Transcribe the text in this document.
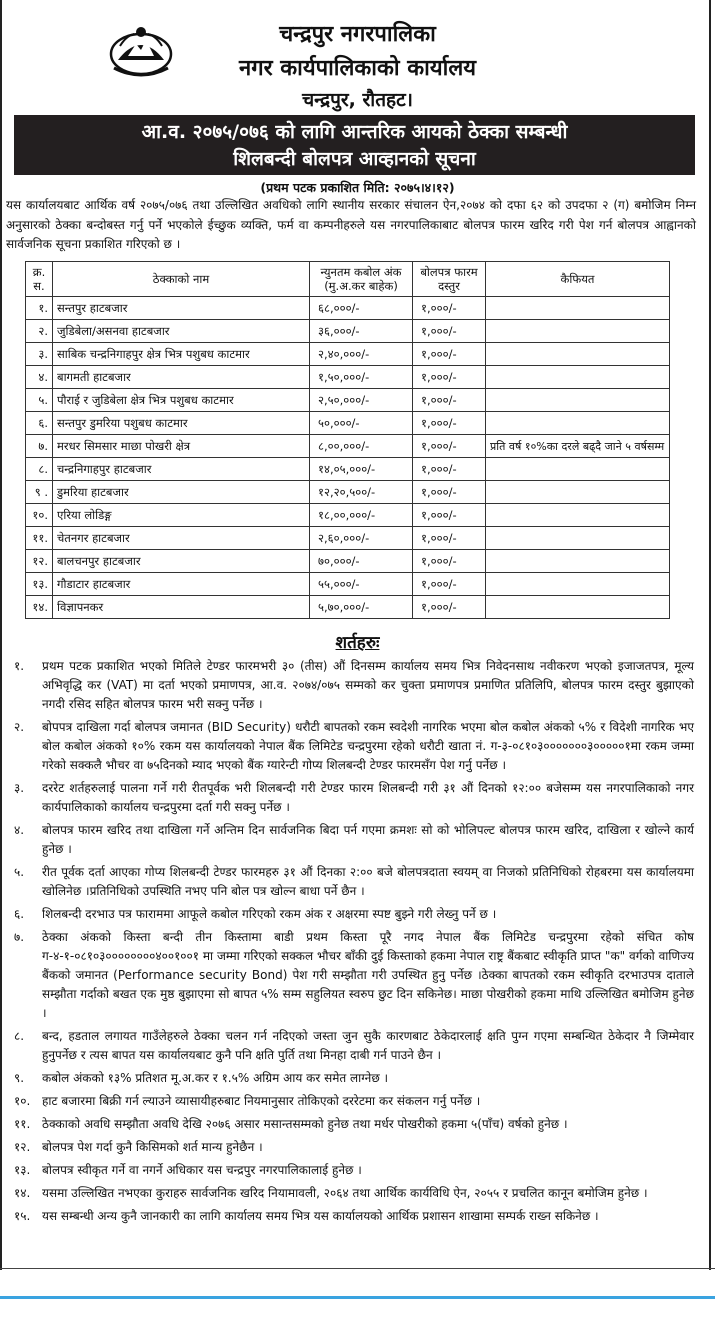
चन्द्रपुर नगरपालिका
नगर कार्यपालिकाको कार्यालय
चन्द्रपुर, रौतहट।
आ.व. २०७५/०७६ को लागि आन्तरिक आयको ठेक्का सम्बन्धी
शिलबन्दी बोलपत्र आव्हानको सूचना
(प्रथम पटक प्रकाशित मिति: २०७५।४।१२)
यस कार्यालयबाट आर्थिक वर्ष २०७५/०७६ तथा उल्लिखित अवधिको लागि स्थानीय सरकार संचालन ऐन,२०७४ को दफा ६२ को उपदफा २ (ग) बमोजिम निम्न अनुसारको ठेक्का बन्दोबस्त गर्नु पर्ने भएकोले ईच्छुक व्यक्ति, फर्म वा कम्पनीहरुले यस नगरपालिकाबाट बोलपत्र फारम खरिद गरी पेश गर्न बोलपत्र आह्वानको सार्वजनिक सूचना प्रकाशित गरिएको छ ।
क्र. स.	ठेक्काको नाम	न्युनतम कबोल अंक (मु.अ.कर बाहेक)	बोलपत्र फारम दस्तुर	कैफियत
१.	सन्तपुर हाटबजार	६८,०००/-	१,०००/-	
२.	जुडिबेला/असनवा हाटबजार	३६,०००/-	१,०००/-	
३.	साबिक चन्द्रनिगाहपुर क्षेत्र भित्र पशुबध काटमार	२,४०,०००/-	१,०००/-	
४.	बागमती हाटबजार	१,५०,०००/-	१,०००/-	
५.	पौराई र जुडिबेला क्षेत्र भित्र पशुबध काटमार	२,५०,०००/-	१,०००/-	
६.	सन्तपुर डुमरिया पशुबध काटमार	५०,०००/-	१,०००/-	
७.	मरधर सिमसार माछा पोखरी क्षेत्र	८,००,०००/-	१,०००/-	प्रति वर्ष १०%का दरले बढ्दै जाने ५ वर्षसम्म
८.	चन्द्रनिगाहपुर हाटबजार	१४,०५,०००/-	१,०००/-	
९ .	डुमरिया हाटबजार	१२,२०,५००/-	१,०००/-	
१०.	एरिया लोडिङ्ग	१८,००,०००/-	१,०००/-	
११.	चेतनगर हाटबजार	२,६०,०००/-	१,०००/-	
१२.	बालचनपुर हाटबजार	७०,०००/-	१,०००/-	
१३.	गौडाटार हाटबजार	५५,०००/-	१,०००/-	
१४.	विज्ञापनकर	५,७०,०००/-	१,०००/-	
शर्तहरुः
१.	प्रथम पटक प्रकाशित भएको मितिले टेण्डर फारमभरी ३० (तीस) औं दिनसम्म कार्यालय समय भित्र निवेदनसाथ नवीकरण भएको इजाजतपत्र, मूल्य अभिवृद्धि कर (VAT) मा दर्ता भएको प्रमाणपत्र, आ.व. २०७४/०७५ सम्मको कर चुक्ता प्रमाणपत्र प्रमाणित प्रतिलिपि, बोलपत्र फारम दस्तुर बुझाएको नगदी रसिद सहित बोलपत्र फारम भरी सक्नु पर्नेछ ।
२.	बोपपत्र दाखिला गर्दा बोलपत्र जमानत (BID Security) धरौटी बापतको रकम स्वदेशी नागरिक भएमा बोल कबोल अंकको ५% र विदेशी नागरिक भए बोल कबोल अंकको १०% रकम यस कार्यालयको नेपाल बैंक लिमिटेड चन्द्रपुरमा रहेको धरौटी खाता नं. ग-३-०८१०३०००००००३०००००१मा रकम जम्मा गरेको सक्कलै भौचर वा ७५दिनको म्याद भएको बैंक ग्यारेन्टी गोप्य शिलबन्दी टेण्डर फारमसँग पेश गर्नु पर्नेछ ।
३.	दररेट शर्तहरुलाई पालना गर्ने गरी रीतपूर्वक भरी शिलबन्दी गरी टेण्डर फारम शिलबन्दी गरी ३१ औं दिनको १२:०० बजेसम्म यस नगरपालिकाको नगर कार्यपालिकाको कार्यालय चन्द्रपुरमा दर्ता गरी सक्नु पर्नेछ ।
४.	बोलपत्र फारम खरिद तथा दाखिला गर्ने अन्तिम दिन सार्वजनिक बिदा पर्न गएमा क्रमशः सो को भोलिपल्ट बोलपत्र फारम खरिद, दाखिला र खोल्ने कार्य हुनेछ ।
५.	रीत पूर्वक दर्ता आएका गोप्य शिलबन्दी टेण्डर फारमहरु ३१ औं दिनका २:०० बजे बोलपत्रदाता स्वयम् वा निजको प्रतिनिधिको रोहबरमा यस कार्यालयमा खोलिनेछ ।प्रतिनिधिको उपस्थिति नभए पनि बोल पत्र खोल्न बाधा पर्ने छैन ।
६.	शिलबन्दी दरभाउ पत्र फाराममा आफूले कबोल गरिएको रकम अंक र अक्षरमा स्पष्ट बुझ्ने गरी लेख्नु पर्ने छ ।
७.	ठेक्का अंकको किस्ता बन्दी तीन किस्तामा बाडी प्रथम किस्ता पूरै नगद नेपाल बैंक लिमिटेड चन्द्रपुरमा रहेको संचित कोष ग-४-१-०८१०३००००००००४००१००१ मा जम्मा गरिएको सक्कल भौचर बाँकी दुई किस्ताको हकमा नेपाल राष्ट्र बैंकबाट स्वीकृति प्राप्त "क" वर्गको वाणिज्य बैंकको जमानत (Performance security Bond) पेश गरी सम्झौता गरी उपस्थित हुनु पर्नेछ ।ठेक्का बापतको रकम स्वीकृति दरभाउपत्र दाताले सम्झौता गर्दाको बखत एक मुष्ठ बुझाएमा सो बापत ५% सम्म सहुलियत स्वरुप छुट दिन सकिनेछ। माछा पोखरीको हकमा माथि उल्लिखित बमोजिम हुनेछ ।
८.	बन्द, हडताल लगायत गाउँलेहरुले ठेक्का चलन गर्न नदिएको जस्ता जुन सुकै कारणबाट ठेकेदारलाई क्षति पुग्न गएमा सम्बन्धित ठेकेदार नै जिम्मेवार हुनुपर्नेछ र त्यस बापत यस कार्यालयबाट कुनै पनि क्षति पुर्ति तथा मिनहा दाबी गर्न पाउने छैन ।
९.	कबोल अंकको १३% प्रतिशत मू.अ.कर र १.५% अग्रिम आय कर समेत लाग्नेछ ।
१०. हाट बजारमा बिक्री गर्न ल्याउने व्यासायीहरुबाट नियमानुसार तोकिएको दररेटमा कर संकलन गर्नु पर्नेछ ।
११. ठेक्काको अवधि सम्झौता अवधि देखि २०७६ असार मसान्तसम्मको हुनेछ तथा मर्धर पोखरीको हकमा ५(पाँच) वर्षको हुनेछ ।
१२. बोलपत्र पेश गर्दा कुनै किसिमको शर्त मान्य हुनेछैन ।
१३. बोलपत्र स्वीकृत गर्ने वा नगर्ने अधिकार यस चन्द्रपुर नगरपालिकालाई हुनेछ ।
१४. यसमा उल्लिखित नभएका कुराहरु सार्वजनिक खरिद नियामावली, २०६४ तथा आर्थिक कार्यविधि ऐन, २०५५ र प्रचलित कानून बमोजिम हुनेछ ।
१५. यस सम्बन्धी अन्य कुनै जानकारी का लागि कार्यालय समय भित्र यस कार्यालयको आर्थिक प्रशासन शाखामा सम्पर्क राख्न सकिनेछ ।
